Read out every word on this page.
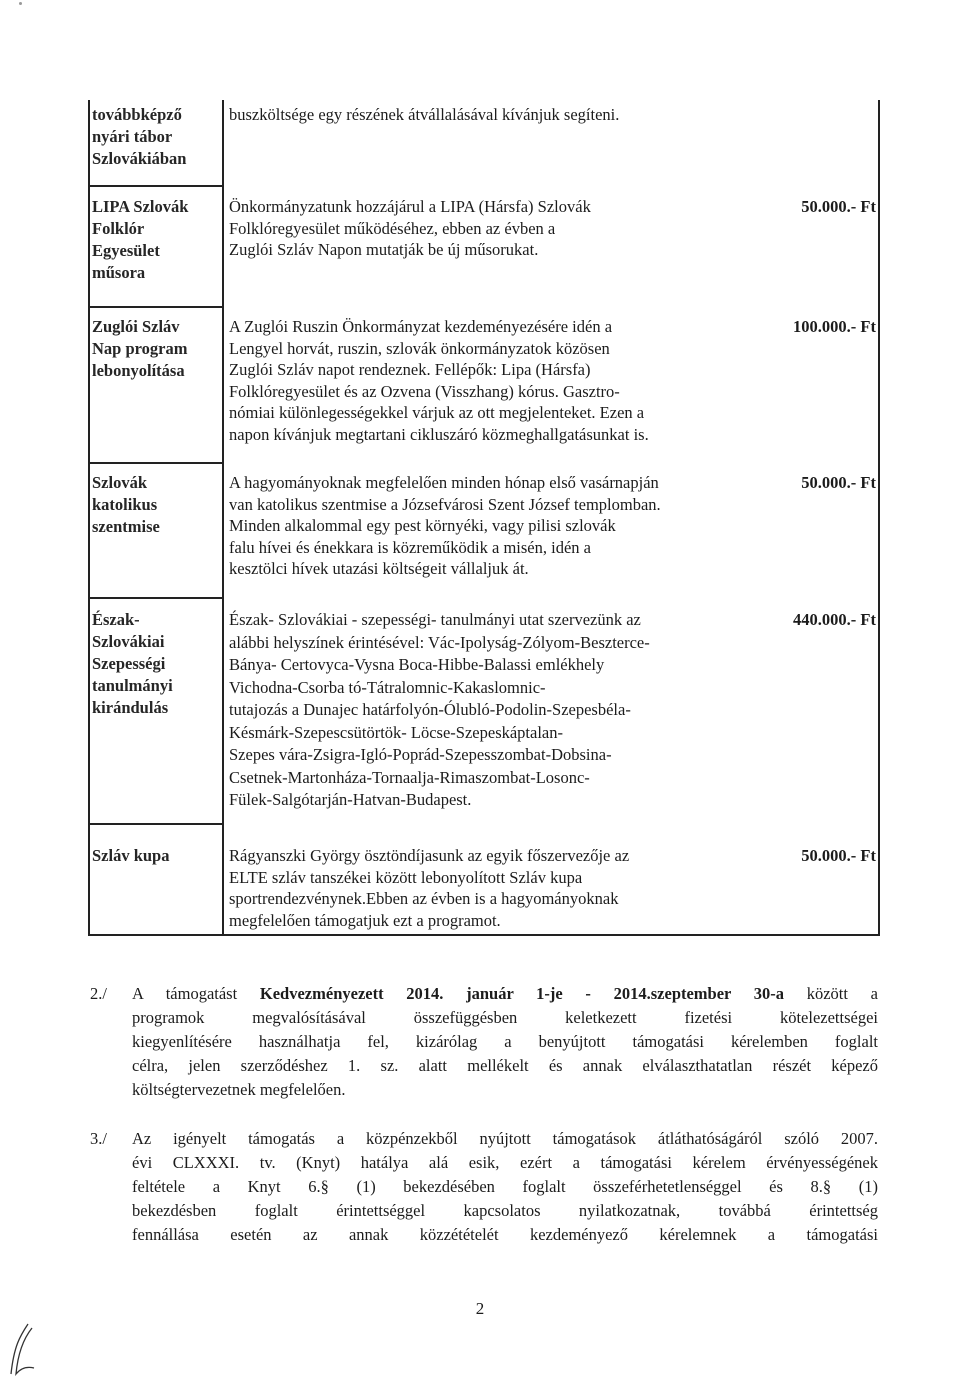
továbbképző
nyári tábor
Szlovákiában
buszköltsége egy részének átvállalásával kívánjuk segíteni.
LIPA Szlovák
Folklór
Egyesület
műsora
Önkormányzatunk hozzájárul a LIPA (Hársfa) Szlovák
Folklóregyesület működéséhez, ebben az évben a
Zuglói Szláv Napon mutatják be új műsorukat.
50.000.- Ft
Zuglói Szláv
Nap program
lebonyolítása
A Zuglói Ruszin Önkormányzat kezdeményezésére idén a
Lengyel horvát, ruszin, szlovák önkormányzatok közösen
Zuglói Szláv napot rendeznek. Fellépők: Lipa (Hársfa)
Folklóregyesület és az Ozvena (Visszhang) kórus. Gasztro-
nómiai különlegességekkel várjuk az ott megjelenteket. Ezen a
napon kívánjuk megtartani cikluszáró közmeghallgatásunkat is.
100.000.- Ft
Szlovák
katolikus
szentmise
A hagyományoknak megfelelően minden hónap első vasárnapján
van katolikus szentmise a Józsefvárosi Szent József templomban.
Minden alkalommal egy pest környéki, vagy pilisi szlovák
falu hívei és énekkara is közreműködik a misén, idén a
kesztölci hívek utazási költségeit vállaljuk át.
50.000.- Ft
Észak-
Szlovákiai
Szepességi
tanulmányi
kirándulás
Észak- Szlovákiai - szepességi- tanulmányi utat szervezünk az
alábbi helyszínek érintésével: Vác-Ipolyság-Zólyom-Beszterce-
Bánya- Certovyca-Vysna Boca-Hibbe-Balassi emlékhely
Vichodna-Csorba tó-Tátralomnic-Kakaslomnic-
tutajozás a Dunajec határfolyón-Ólubló-Podolin-Szepesbéla-
Késmárk-Szepescsütörtök- Löcse-Szepeskáptalan-
Szepes vára-Zsigra-Igló-Poprád-Szepesszombat-Dobsina-
Csetnek-Martonháza-Tornaalja-Rimaszombat-Losonc-
Fülek-Salgótarján-Hatvan-Budapest.
440.000.- Ft
Szláv kupa	Rágyanszki György ösztöndíjasunk az egyik főszervezője az
ELTE szláv tanszékei között lebonyolított Szláv kupa
sportrendezvénynek.Ebben az évben is a hagyományoknak
megfelelően támogatjuk ezt a programot.
50.000.- Ft
2./ A támogatást Kedvezményezett 2014. január 1-je - 2014.szeptember 30-a között a
programok megvalósításával összefüggésben keletkezett fizetési kötelezettségei
kiegyenlítésére használhatja fel, kizárólag a benyújtott támogatási kérelemben foglalt
célra, jelen szerződéshez 1. sz. alatt mellékelt és annak elválaszthatatlan részét képező
költségtervezetnek megfelelően.
3./ Az igényelt támogatás a közpénzekből nyújtott támogatások átláthatóságáról szóló 2007.
évi CLXXXI. tv. (Knyt) hatálya alá esik, ezért a támogatási kérelem érvényességének
feltétele a Knyt 6.§ (1) bekezdésében foglalt összeférhetetlenséggel és 8.§ (1)
bekezdésben foglalt érintettséggel kapcsolatos nyilatkozatnak, továbbá érintettség
fennállása esetén az annak közzétételét kezdeményező kérelemnek a támogatási
2
